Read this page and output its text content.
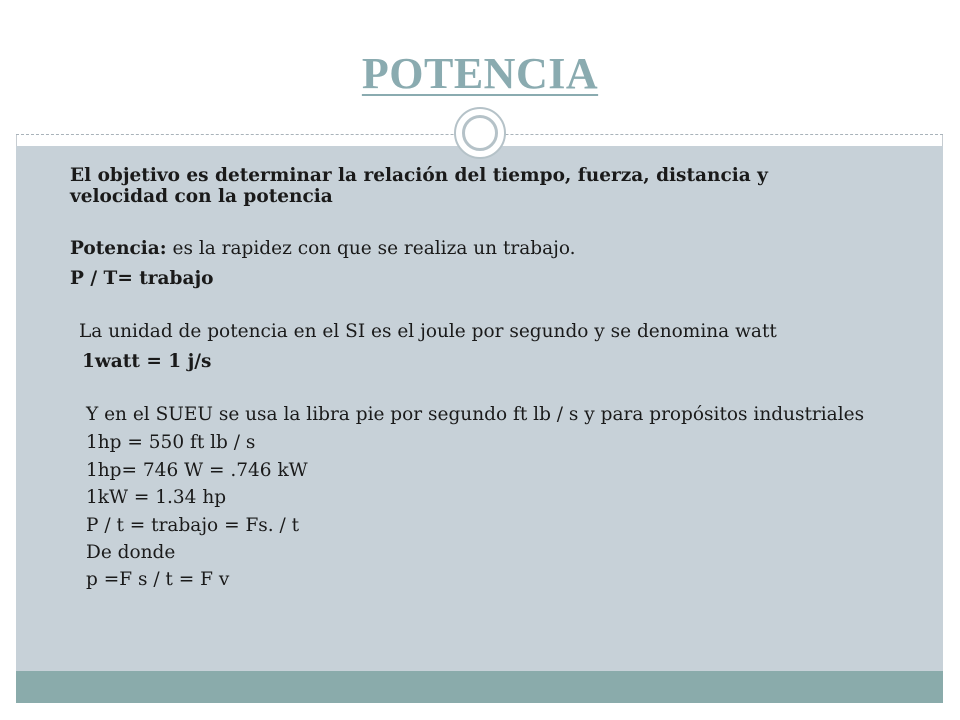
POTENCIA
El objetivo es determinar la relación del tiempo, fuerza, distancia y velocidad con la potencia
Potencia: es la rapidez con que se realiza un trabajo.
P / T= trabajo
La unidad de potencia en el SI es el joule por segundo y se denomina watt
1watt = 1 j/s
Y en el SUEU se usa la libra pie por segundo ft lb / s y para propósitos industriales
1hp = 550 ft lb / s
1hp= 746 W = .746 kW
1kW = 1.34 hp
P / t = trabajo = Fs. / t
De donde
p =F s / t = F v
